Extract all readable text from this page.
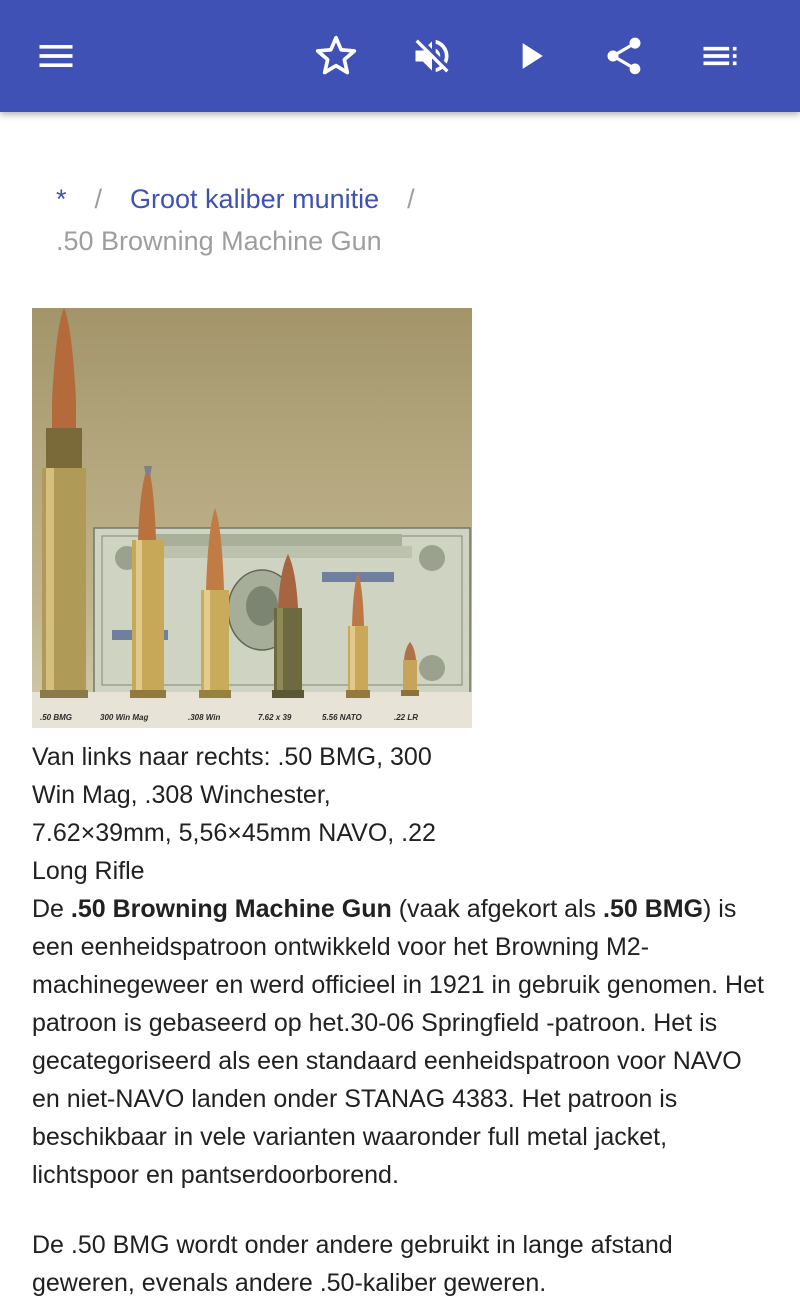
* / Groot kaliber munitie /
.50 Browning Machine Gun
.50 BMG	300 Win Mag	.308 Win	7.62 x 39	5.56 NATO	.22 LR
Van links naar rechts: .50 BMG, 300 Win Mag, .308 Winchester, 7.62×39mm, 5,56×45mm NAVO, .22 Long Rifle

De .50 Browning Machine Gun (vaak afgekort als .50 BMG) is een eenheidspatroon ontwikkeld voor het Browning M2-machinegeweer en werd officieel in 1921 in gebruik genomen. Het patroon is gebaseerd op het.30-06 Springfield -patroon. Het is gecategoriseerd als een standaard eenheidspatroon voor NAVO en niet-NAVO landen onder STANAG 4383. Het patroon is beschikbaar in vele varianten waaronder full metal jacket, lichtspoor en pantserdoorborend.

De .50 BMG wordt onder andere gebruikt in lange afstand geweren, evenals andere .50-kaliber geweren.
